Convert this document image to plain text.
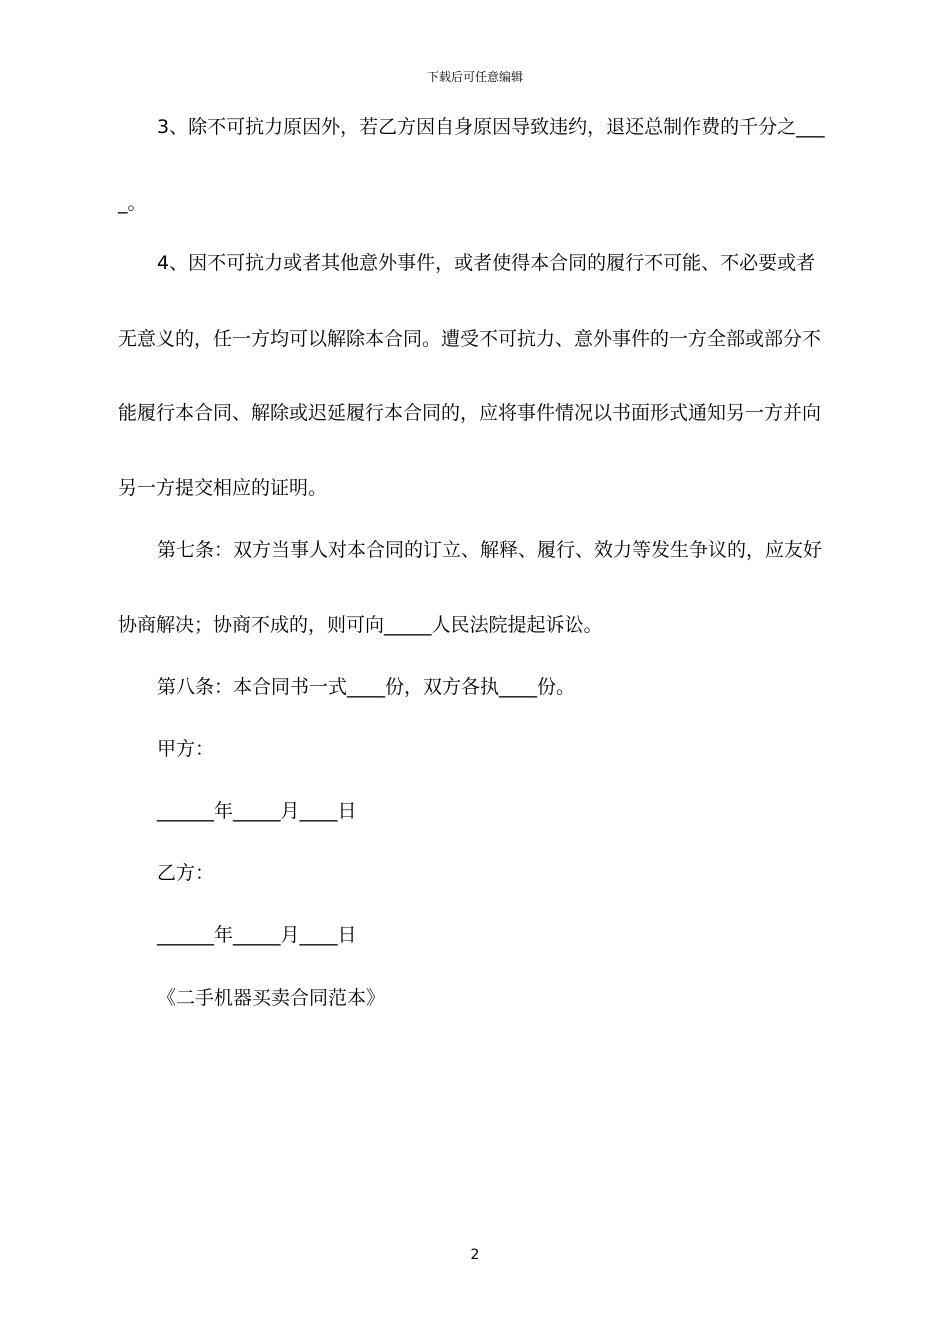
下载后可任意编辑
3、除不可抗力原因外，若乙方因自身原因导致违约，退还总制作费的千分之___
_。
4、因不可抗力或者其他意外事件，或者使得本合同的履行不可能、不必要或者
无意义的，任一方均可以解除本合同。遭受不可抗力、意外事件的一方全部或部分不
能履行本合同、解除或迟延履行本合同的，应将事件情况以书面形式通知另一方并向
另一方提交相应的证明。
第七条：双方当事人对本合同的订立、解释、履行、效力等发生争议的，应友好
协商解决；协商不成的，则可向_____人民法院提起诉讼。
第八条：本合同书一式____份，双方各执____份。
甲方：
______年_____月____日
乙方：
______年_____月____日
《二手机器买卖合同范本》
2
